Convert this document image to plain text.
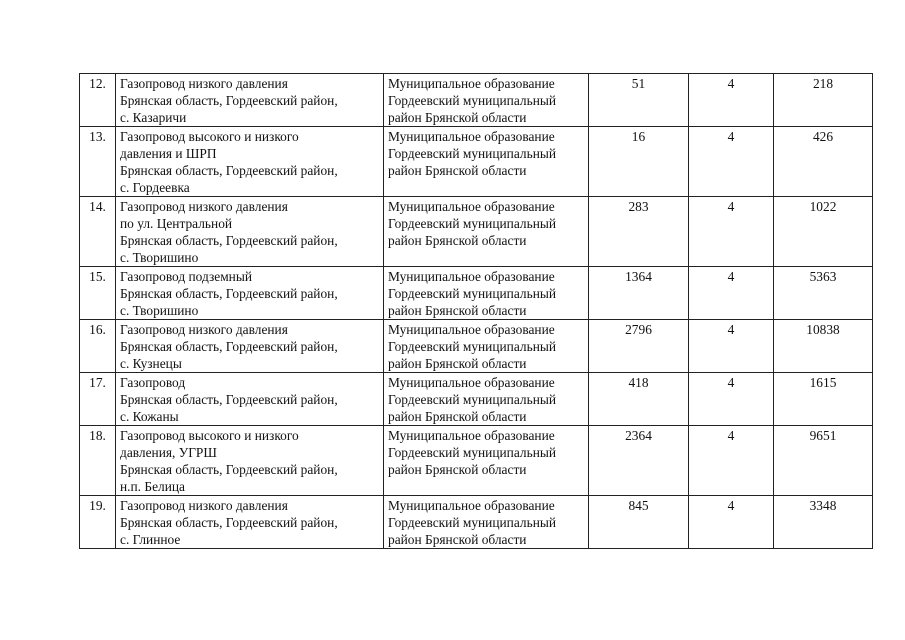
12.	Газопровод низкого давления
Брянская область, Гордеевский район,
с. Казаричи	Муниципальное образование
Гордеевский муниципальный
район Брянской области	51	4	218
13.	Газопровод высокого и низкого
давления и ШРП
Брянская область, Гордеевский район,
с. Гордеевка	Муниципальное образование
Гордеевский муниципальный
район Брянской области	16	4	426
14.	Газопровод низкого давления
по ул. Центральной
Брянская область, Гордеевский район,
с. Творишино	Муниципальное образование
Гордеевский муниципальный
район Брянской области	283	4	1022
15.	Газопровод подземный
Брянская область, Гордеевский район,
с. Творишино	Муниципальное образование
Гордеевский муниципальный
район Брянской области	1364	4	5363
16.	Газопровод низкого давления
Брянская область, Гордеевский район,
с. Кузнецы	Муниципальное образование
Гордеевский муниципальный
район Брянской области	2796	4	10838
17.	Газопровод
Брянская область, Гордеевский район,
с. Кожаны	Муниципальное образование
Гордеевский муниципальный
район Брянской области	418	4	1615
18.	Газопровод высокого и низкого
давления, УГРШ
Брянская область, Гордеевский район,
н.п. Белица	Муниципальное образование
Гордеевский муниципальный
район Брянской области	2364	4	9651
19.	Газопровод низкого давления
Брянская область, Гордеевский район,
с. Глинное	Муниципальное образование
Гордеевский муниципальный
район Брянской области	845	4	3348
